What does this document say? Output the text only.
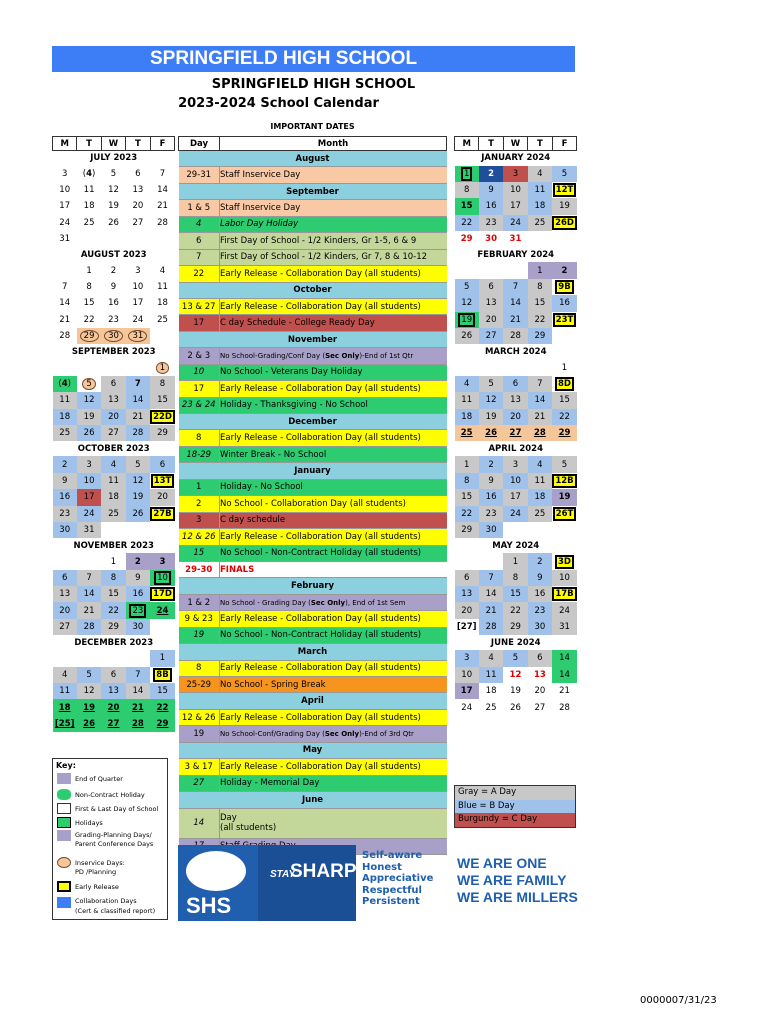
SPRINGFIELD HIGH SCHOOL
SPRINGFIELD HIGH SCHOOL
2023-2024 School Calendar
IMPORTANT DATES
M	T	W	T	F
JULY 2023				
3	(4)	5	6	7
10	11	12	13	14
17	18	19	20	21
24	25	26	27	28
31				
AUGUST 2023				
	1	2	3	4
7	8	9	10	11
14	15	16	17	18
21	22	23	24	25
28	29	30	31	
SEPTEMBER 2023				
				1
(4)	5	6	7	8
11	12	13	14	15
18	19	20	21	22D
25	26	27	28	29
OCTOBER 2023				
2	3	4	5	6
9	10	11	12	13T
16	17	18	19	20
23	24	25	26	27B
30	31			
NOVEMBER 2023				
		1	2	3
6	7	8	9	10
13	14	15	16	17D
20	21	22	23	24
27	28	29	30	
DECEMBER 2023				
				1
4	5	6	7	8B
11	12	13	14	15
18	19	20	21	22
[25]	26	27	28	29
Day	Month
August	
29-31	Staff Inservice Day
September	
1 & 5	Staff Inservice Day
4	Labor Day Holiday
6	First Day of School - 1/2 Kinders, Gr 1-5, 6 & 9
7	First Day of School - 1/2 Kinders, Gr 7, 8 & 10-12
22	Early Release - Collaboration Day (all students)
October	
13 & 27	Early Release - Collaboration Day (all students)
17	C day Schedule - College Ready Day
November	
2 & 3	No School-Grading/Conf Day (Sec Only)-End of 1st Qtr
10	No School - Veterans Day Holiday
17	Early Release - Collaboration Day (all students)
23 & 24	Holiday - Thanksgiving - No School
December	
8	Early Release - Collaboration Day (all students)
18-29	Winter Break - No School
January	
1	Holiday - No School
2	No School - Collaboration Day (all students)
3	C day schedule
12 & 26	Early Release - Collaboration Day (all students)
15	No School - Non-Contract Holiday (all students)
29-30	FINALS
February	
1 & 2	No School - Grading Day (Sec Only), End of 1st Sem
9 & 23	Early Release - Collaboration Day (all students)
19	No School - Non-Contract Holiday (all students)
March	
8	Early Release - Collaboration Day (all students)
25-29	No School - Spring Break
April	
12 & 26	Early Release - Collaboration Day (all students)
19	No School-Conf/Grading Day (Sec Only)-End of 3rd Qtr
May	
3 & 17	Early Release - Collaboration Day (all students)
27	Holiday - Memorial Day
June	
14	Day
(all students)

M	T	W	T	F
JANUARY 2024				
1	2	3	4	5
8	9	10	11	12T
15	16	17	18	19
22	23	24	25	26D
29	30	31		
FEBRUARY 2024				
			1	2
5	6	7	8	9B
12	13	14	15	16
19	20	21	22	23T
26	27	28	29	
MARCH 2024				
				1
4	5	6	7	8D
11	12	13	14	15
18	19	20	21	22
25	26	27	28	29
APRIL 2024				
1	2	3	4	5
8	9	10	11	12B
15	16	17	18	19
22	23	24	25	26T
29	30			
MAY 2024				
		1	2	3D
6	7	8	9	10
13	14	15	16	17B
20	21	22	23	24
[27]	28	29	30	31
JUNE 2024				
3	4	5	6	14
10	11	12	13	14
17	18	19	20	21
24	25	26	27	28
Key:
End of Quarter
Non-Contract Holiday
First & Last Day of School
Holidays
Grading-Planning Days/
Parent Conference Days
Inservice Days:
PD /Planning
Early Release
Collaboration Days
(Cert & classified report)
Gray = A Day
Blue = B Day
Burgundy = C Day
SHS
STAY
SHARP!
Self-aware
Honest
Appreciative
Respectful
Persistent
WE ARE ONE
WE ARE FAMILY
WE ARE MILLERS
0000007/31/23
